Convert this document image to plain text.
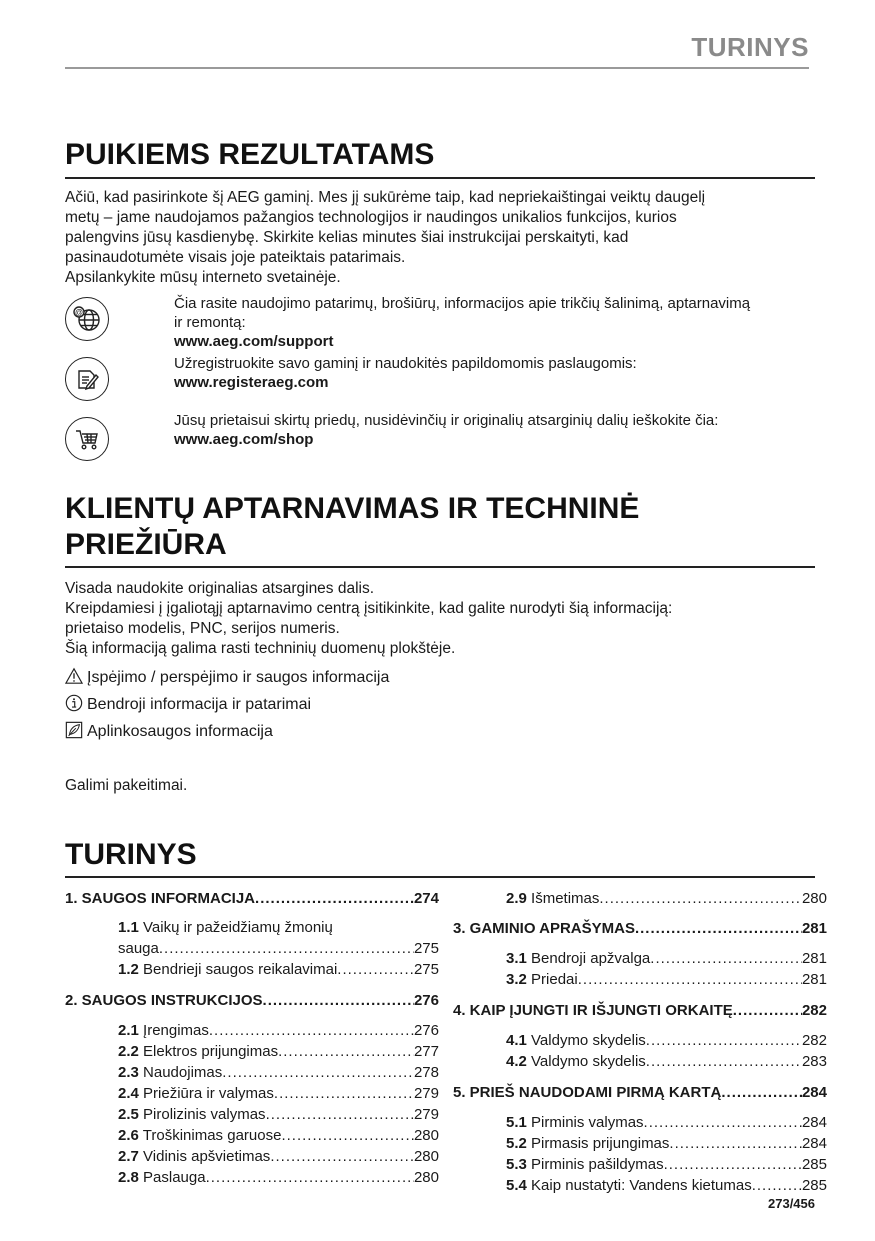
TURINYS
PUIKIEMS REZULTATAMS
Ačiū, kad pasirinkote šį AEG gaminį. Mes jį sukūrėme taip, kad nepriekaištingai veiktų daugelį
metų – jame naudojamos pažangios technologijos ir naudingos unikalios funkcijos, kurios
palengvins jūsų kasdienybę. Skirkite kelias minutes šiai instrukcijai perskaityti, kad
pasinaudotumėte visais joje pateiktais patarimais.
Apsilankykite mūsų interneto svetainėje.
@
Čia rasite naudojimo patarimų, brošiūrų, informacijos apie trikčių šalinimą, aptarnavimą
ir remontą:
www.aeg.com/support
Užregistruokite savo gaminį ir naudokitės papildomomis paslaugomis:
www.registeraeg.com
Jūsų prietaisui skirtų priedų, nusidėvinčių ir originalių atsarginių dalių ieškokite čia:
www.aeg.com/shop
KLIENTŲ APTARNAVIMAS IR TECHNINĖ
PRIEŽIŪRA
Visada naudokite originalias atsargines dalis.
Kreipdamiesi į įgaliotąjį aptarnavimo centrą įsitikinkite, kad galite nurodyti šią informaciją:
prietaiso modelis, PNC, serijos numeris.
Šią informaciją galima rasti techninių duomenų plokštėje.
Įspėjimo / perspėjimo ir saugos informacija
Bendroji informacija ir patarimai
Aplinkosaugos informacija
Galimi pakeitimai.
TURINYS
1. SAUGOS INFORMACIJA .....	274
1.1 Vaikų ir pažeidžiamų žmonių
sauga .....	275
1.2 Bendrieji saugos reikalavimai .....	275
2. SAUGOS INSTRUKCIJOS .....	276
2.1 Įrengimas .....	276
2.2 Elektros prijungimas .....	277
2.3 Naudojimas .....	278
2.4 Priežiūra ir valymas .....	279
2.5 Pirolizinis valymas .....	279
2.6 Troškinimas garuose .....	280
2.7 Vidinis apšvietimas .....	280
2.8 Paslauga .....	280
2.9 Išmetimas .....	280
3. GAMINIO APRAŠYMAS .....	281
3.1 Bendroji apžvalga .....	281
3.2 Priedai .....	281
4. KAIP ĮJUNGTI IR IŠJUNGTI ORKAITĘ .....	282
4.1 Valdymo skydelis .....	282
4.2 Valdymo skydelis .....	283
5. PRIEŠ NAUDODAMI PIRMĄ KARTĄ .....	284
5.1 Pirminis valymas .....	284
5.2 Pirmasis prijungimas .....	284
5.3 Pirminis pašildymas .....	285
5.4 Kaip nustatyti: Vandens kietumas .....	285
273/456
